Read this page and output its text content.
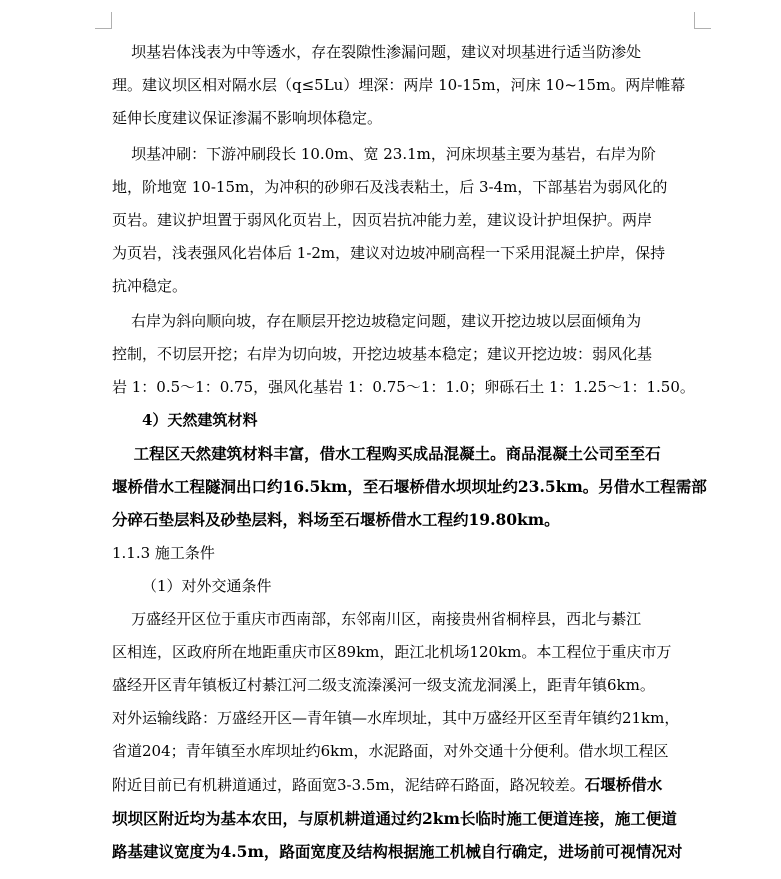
坝基岩体浅表为中等透水，存在裂隙性渗漏问题，建议对坝基进行适当防渗处
理。建议坝区相对隔水层（q≤5Lu）埋深：两岸 10-15m，河床 10~15m。两岸帷幕
延伸长度建议保证渗漏不影响坝体稳定。

坝基冲刷：下游冲刷段长 10.0m、宽 23.1m，河床坝基主要为基岩，右岸为阶
地，阶地宽 10-15m，为冲积的砂卵石及浅表粘土，后 3-4m，下部基岩为弱风化的
页岩。建议护坦置于弱风化页岩上，因页岩抗冲能力差，建议设计护坦保护。两岸
为页岩，浅表强风化岩体后 1-2m，建议对边坡冲刷高程一下采用混凝土护岸，保持
抗冲稳定。

右岸为斜向顺向坡，存在顺层开挖边坡稳定问题，建议开挖边坡以层面倾角为
控制，不切层开挖；右岸为切向坡，开挖边坡基本稳定；建议开挖边坡：弱风化基
岩 1：0.5～1：0.75，强风化基岩 1：0.75～1：1.0；卵砾石土 1：1.25～1：1.50。

4）天然建筑材料

工程区天然建筑材料丰富，借水工程购买成品混凝土。商品混凝土公司至至石
堰桥借水工程隧洞出口约16.5km，至石堰桥借水坝坝址约23.5km。另借水工程需部
分碎石垫层料及砂垫层料，料场至石堰桥借水工程约19.80km。

1.1.3 施工条件
（1）对外交通条件

万盛经开区位于重庆市西南部，东邻南川区，南接贵州省桐梓县，西北与綦江
区相连，区政府所在地距重庆市区89km，距江北机场120km。本工程位于重庆市万
盛经开区青年镇板辽村綦江河二级支流溱溪河一级支流龙洞溪上，距青年镇6km。
对外运输线路：万盛经开区—青年镇—水库坝址，其中万盛经开区至青年镇约21km，
省道204；青年镇至水库坝址约6km，水泥路面，对外交通十分便利。借水坝工程区
附近目前已有机耕道通过，路面宽3-3.5m，泥结碎石路面，路况较差。石堰桥借水
坝坝区附近均为基本农田，与原机耕道通过约2km长临时施工便道连接，施工便道
路基建议宽度为4.5m，路面宽度及结构根据施工机械自行确定，进场前可视情况对
